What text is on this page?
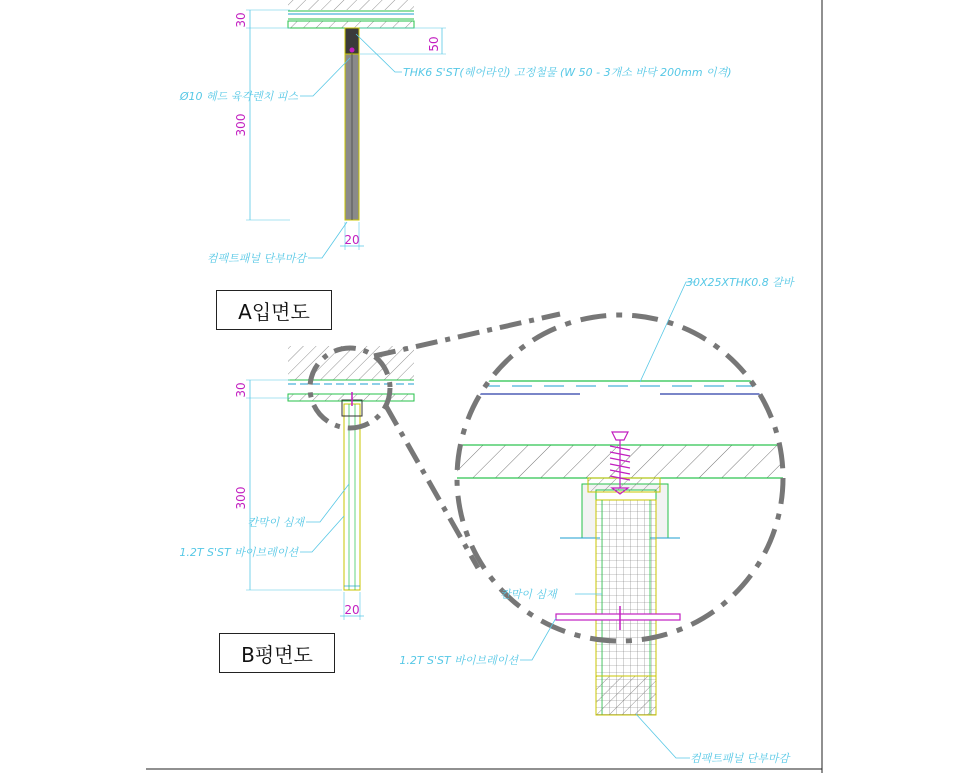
30
50
300
20
THK6 S'ST(헤어라인) 고정철물 (W 50 - 3개소 바닥 200mm 이격)
Ø10 헤드 육각렌치 피스
컴팩트패널 단부마감
30
300
20
칸막이 심재
1.2T S'ST 바이브레이션
30X25XTHK0.8 갈바
칸막이 심재
1.2T S'ST 바이브레이션
컴팩트패널 단부마감
A입면도
B평면도
